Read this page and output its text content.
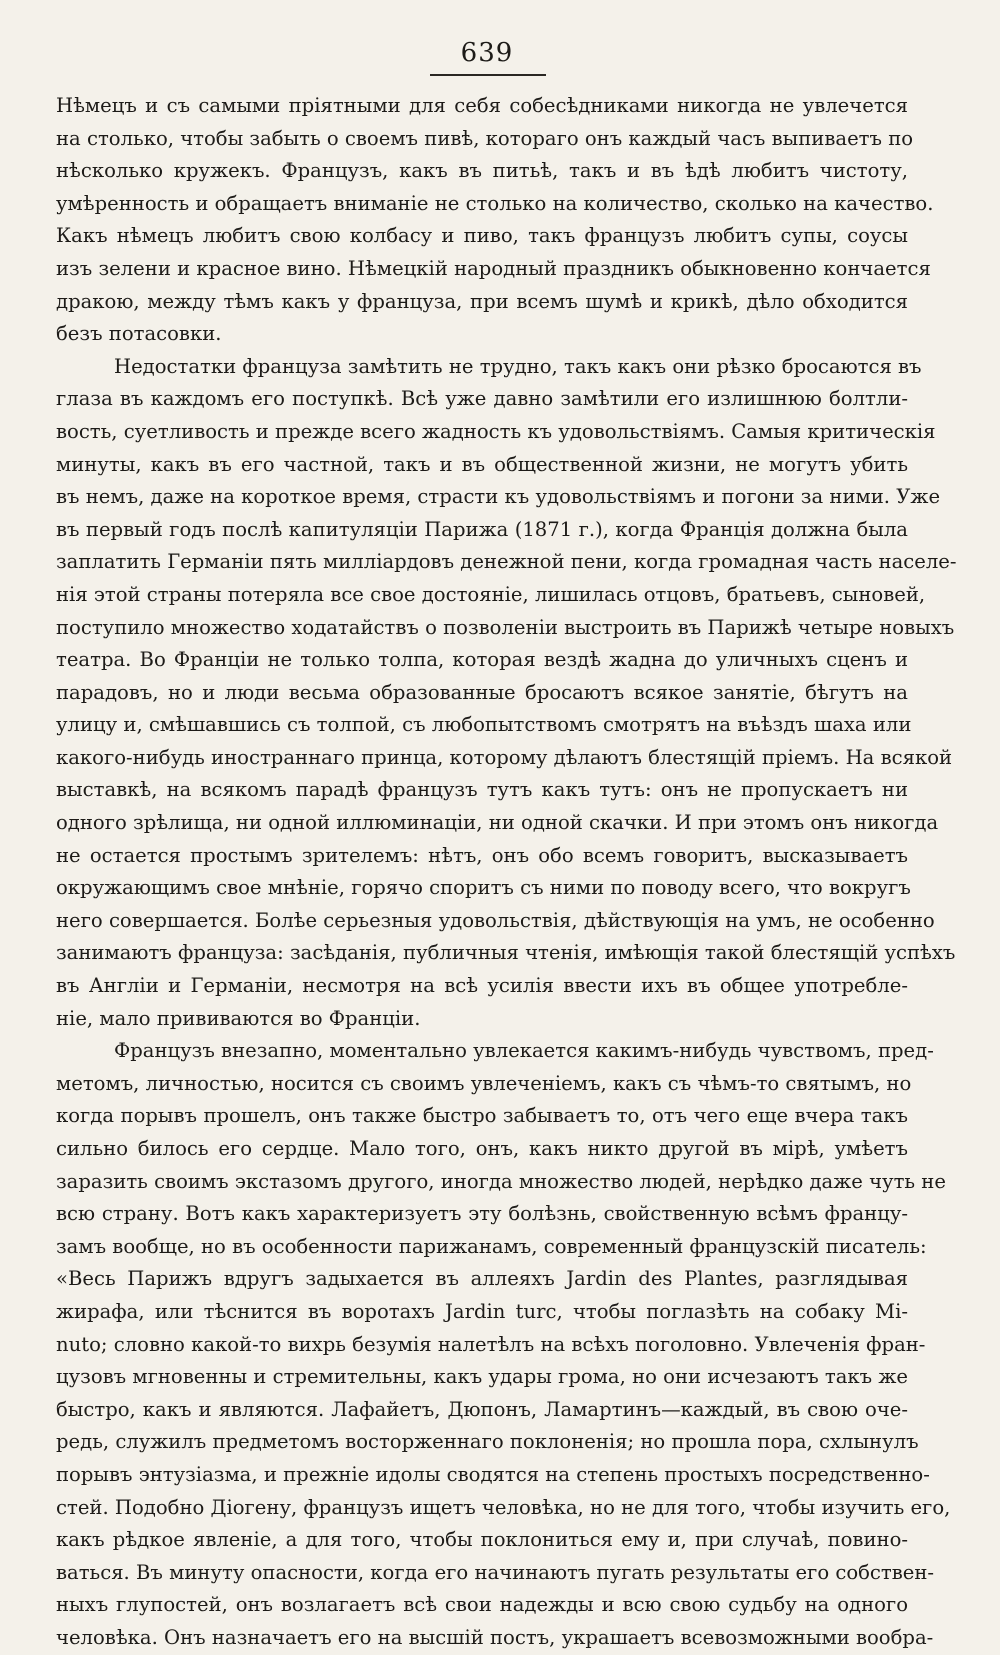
639
Нѣмецъ и съ самыми пріятными для себя собесѣдниками никогда не увлечется
на столько, чтобы забыть о своемъ пивѣ, котораго онъ каждый часъ выпиваетъ по
нѣсколько кружекъ. Французъ, какъ въ питьѣ, такъ и въ ѣдѣ любитъ чистоту,
умѣренность и обращаетъ вниманіе не столько на количество, сколько на качество.
Какъ нѣмецъ любитъ свою колбасу и пиво, такъ французъ любитъ супы, соусы
изъ зелени и красное вино. Нѣмецкій народный праздникъ обыкновенно кончается
дракою, между тѣмъ какъ у француза, при всемъ шумѣ и крикѣ, дѣло обходится
безъ потасовки.
Недостатки француза замѣтить не трудно, такъ какъ они рѣзко бросаются въ
глаза въ каждомъ его поступкѣ. Всѣ уже давно замѣтили его излишнюю болтли-
вость, суетливость и прежде всего жадность къ удовольствіямъ. Самыя критическія
минуты, какъ въ его частной, такъ и въ общественной жизни, не могутъ убить
въ немъ, даже на короткое время, страсти къ удовольствіямъ и погони за ними. Уже
въ первый годъ послѣ капитуляціи Парижа (1871 г.), когда Франція должна была
заплатить Германіи пять милліардовъ денежной пени, когда громадная часть населе-
нія этой страны потеряла все свое достояніе, лишилась отцовъ, братьевъ, сыновей,
поступило множество ходатайствъ о позволеніи выстроить въ Парижѣ четыре новыхъ
театра. Во Франціи не только толпа, которая вездѣ жадна до уличныхъ сценъ и
парадовъ, но и люди весьма образованные бросаютъ всякое занятіе, бѣгутъ на
улицу и, смѣшавшись съ толпой, съ любопытствомъ смотрятъ на въѣздъ шаха или
какого-нибудь иностраннаго принца, которому дѣлаютъ блестящій пріемъ. На всякой
выставкѣ, на всякомъ парадѣ французъ тутъ какъ тутъ: онъ не пропускаетъ ни
одного зрѣлища, ни одной иллюминаціи, ни одной скачки. И при этомъ онъ никогда
не остается простымъ зрителемъ: нѣтъ, онъ обо всемъ говоритъ, высказываетъ
окружающимъ свое мнѣніе, горячо споритъ съ ними по поводу всего, что вокругъ
него совершается. Болѣе серьезныя удовольствія, дѣйствующія на умъ, не особенно
занимаютъ француза: засѣданія, публичныя чтенія, имѣющія такой блестящій успѣхъ
въ Англіи и Германіи, несмотря на всѣ усилія ввести ихъ въ общее употребле-
ніе, мало прививаются во Франціи.
Французъ внезапно, моментально увлекается какимъ-нибудь чувствомъ, пред-
метомъ, личностью, носится съ своимъ увлеченіемъ, какъ съ чѣмъ-то святымъ, но
когда порывъ прошелъ, онъ также быстро забываетъ то, отъ чего еще вчера такъ
сильно билось его сердце. Мало того, онъ, какъ никто другой въ мірѣ, умѣетъ
заразить своимъ экстазомъ другого, иногда множество людей, нерѣдко даже чуть не
всю страну. Вотъ какъ характеризуетъ эту болѣзнь, свойственную всѣмъ францу-
замъ вообще, но въ особенности парижанамъ, современный французскій писатель:
«Весь Парижъ вдругъ задыхается въ аллеяхъ Jardin des Plantes, разглядывая
жирафа, или тѣснится въ воротахъ Jardin turc, чтобы поглазѣть на собаку Mi-
nuto; словно какой-то вихрь безумія налетѣлъ на всѣхъ поголовно. Увлеченія фран-
цузовъ мгновенны и стремительны, какъ удары грома, но они исчезаютъ такъ же
быстро, какъ и являются. Лафайетъ, Дюпонъ, Ламартинъ—каждый, въ свою оче-
редь, служилъ предметомъ восторженнаго поклоненія; но прошла пора, схлынулъ
порывъ энтузіазма, и прежніе идолы сводятся на степень простыхъ посредственно-
стей. Подобно Діогену, французъ ищетъ человѣка, но не для того, чтобы изучить его,
какъ рѣдкое явленіе, а для того, чтобы поклониться ему и, при случаѣ, повино-
ваться. Въ минуту опасности, когда его начинаютъ пугать результаты его собствен-
ныхъ глупостей, онъ возлагаетъ всѣ свои надежды и всю свою судьбу на одного
человѣка. Онъ назначаетъ его на высшій постъ, украшаетъ всевозможными вообра-
